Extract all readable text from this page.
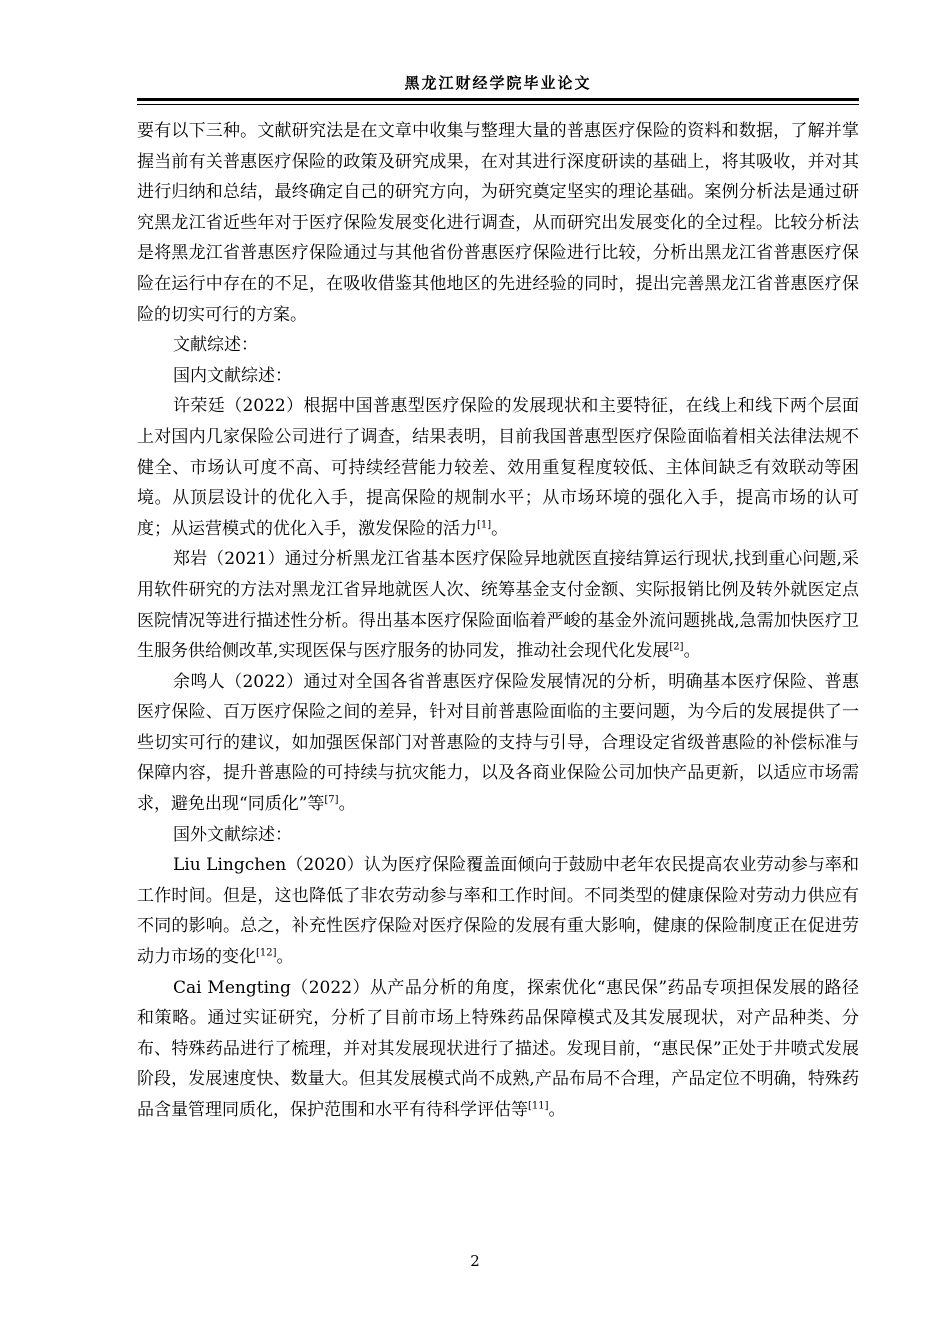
黑龙江财经学院毕业论文

要有以下三种。文献研究法是在文章中收集与整理大量的普惠医疗保险的资料和数据，了解并掌握当前有关普惠医疗保险的政策及研究成果，在对其进行深度研读的基础上，将其吸收，并对其进行归纳和总结，最终确定自己的研究方向，为研究奠定坚实的理论基础。案例分析法是通过研究黑龙江省近些年对于医疗保险发展变化进行调查，从而研究出发展变化的全过程。比较分析法是将黑龙江省普惠医疗保险通过与其他省份普惠医疗保险进行比较，分析出黑龙江省普惠医疗保险在运行中存在的不足，在吸收借鉴其他地区的先进经验的同时，提出完善黑龙江省普惠医疗保险的切实可行的方案。

文献综述：

国内文献综述：

许荣廷（2022）根据中国普惠型医疗保险的发展现状和主要特征，在线上和线下两个层面上对国内几家保险公司进行了调查，结果表明，目前我国普惠型医疗保险面临着相关法律法规不健全、市场认可度不高、可持续经营能力较差、效用重复程度较低、主体间缺乏有效联动等困境。从顶层设计的优化入手，提高保险的规制水平；从市场环境的强化入手，提高市场的认可度；从运营模式的优化入手，激发保险的活力[1]。

郑岩（2021）通过分析黑龙江省基本医疗保险异地就医直接结算运行现状,找到重心问题,采用软件研究的方法对黑龙江省异地就医人次、统筹基金支付金额、实际报销比例及转外就医定点医院情况等进行描述性分析。得出基本医疗保险面临着严峻的基金外流问题挑战,急需加快医疗卫生服务供给侧改革,实现医保与医疗服务的协同发，推动社会现代化发展[2]。

余鸣人（2022）通过对全国各省普惠医疗保险发展情况的分析，明确基本医疗保险、普惠医疗保险、百万医疗保险之间的差异，针对目前普惠险面临的主要问题，为今后的发展提供了一些切实可行的建议，如加强医保部门对普惠险的支持与引导，合理设定省级普惠险的补偿标准与保障内容，提升普惠险的可持续与抗灾能力，以及各商业保险公司加快产品更新，以适应市场需求，避免出现“同质化”等[7]。

国外文献综述：

Liu Lingchen（2020）认为医疗保险覆盖面倾向于鼓励中老年农民提高农业劳动参与率和工作时间。但是，这也降低了非农劳动参与率和工作时间。不同类型的健康保险对劳动力供应有不同的影响。总之，补充性医疗保险对医疗保险的发展有重大影响，健康的保险制度正在促进劳动力市场的变化[12]。

Cai Mengting（2022）从产品分析的角度，探索优化“惠民保”药品专项担保发展的路径和策略。通过实证研究，分析了目前市场上特殊药品保障模式及其发展现状，对产品种类、分布、特殊药品进行了梳理，并对其发展现状进行了描述。发现目前，“惠民保”正处于井喷式发展阶段，发展速度快、数量大。但其发展模式尚不成熟,产品布局不合理，产品定位不明确，特殊药品含量管理同质化，保护范围和水平有待科学评估等[11]。

2
